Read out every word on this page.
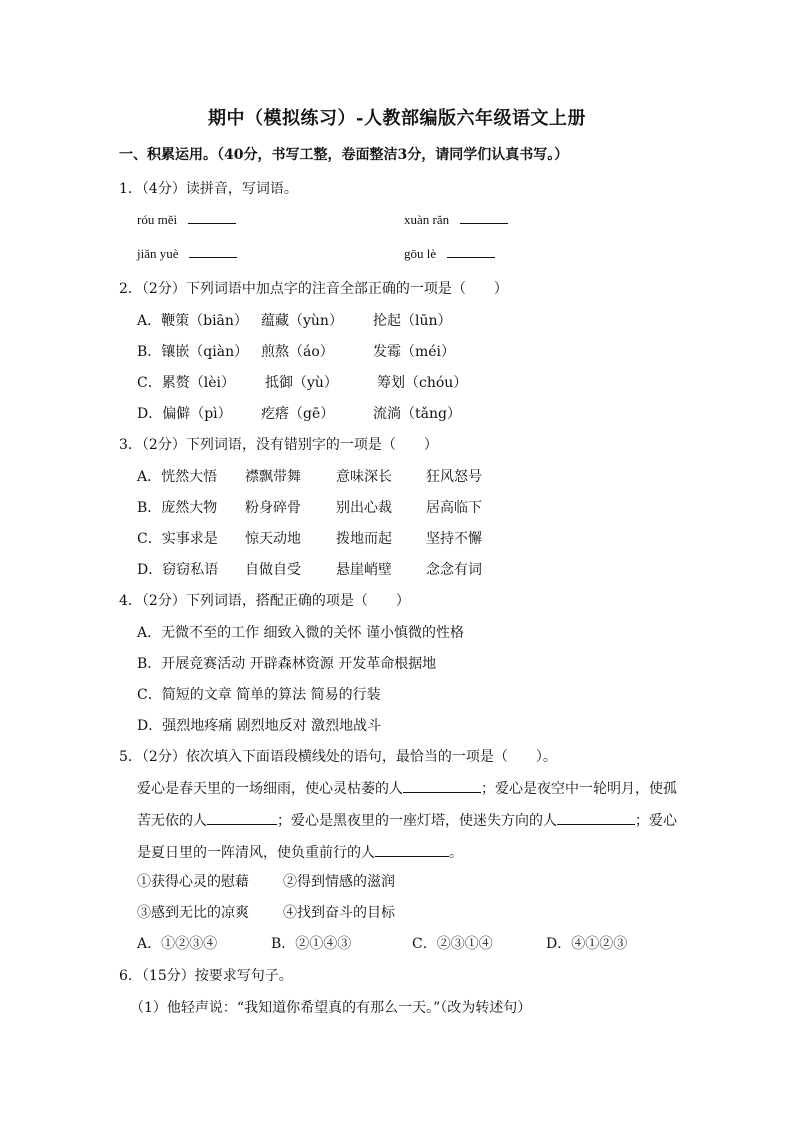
期中（模拟练习）-人教部编版六年级语文上册
一、积累运用。（40分，书写工整，卷面整洁3分，请同学们认真书写。）
1．（4分）读拼音，写词语。
róu měi	xuàn rǎn
jiǎn yuè	gōu lè
2．（2分）下列词语中加点字的注音全部正确的一项是（　　）
A．鞭策（biān） 蕴藏（yùn） 抡起（lūn）
B．镶嵌（qiàn） 煎熬（áo）	发霉（méi）
C．累赘（lèi） 抵御（yù）	筹划（chóu）
D．偏僻（pì） 疙瘩（gē）	流淌（tǎng）
3．（2分）下列词语，没有错别字的一项是（　　）
A．恍然大悟 襟飘带舞	意味深长 狂风怒号
B．庞然大物 粉身碎骨	别出心裁 居高临下
C．实事求是 惊天动地	拨地而起 坚持不懈
D．窃窃私语 自做自受	悬崖峭壁 念念有词
4．（2分）下列词语，搭配正确的项是（　　）
A．无微不至的工作 细致入微的关怀 谨小慎微的性格
B．开展竞赛活动 开辟森林资源 开发革命根据地
C．简短的文章 简单的算法 简易的行装
D．强烈地疼痛 剧烈地反对 激烈地战斗
5．（2分）依次填入下面语段横线处的语句，最恰当的一项是（　　）。
爱心是春天里的一场细雨，使心灵枯萎的人	；爱心是夜空中一轮明月，使孤
苦无依的人	；爱心是黑夜里的一座灯塔，使迷失方向的人	；爱心
是夏日里的一阵清风，使负重前行的人	。
①获得心灵的慰藉 ②得到情感的滋润
③感到无比的凉爽 ④找到奋斗的目标
A．①②③④	B．②①④③	C．②③①④	D．④①②③
6．（15分）按要求写句子。
（1）他轻声说：“我知道你希望真的有那么一天。”（改为转述句）
